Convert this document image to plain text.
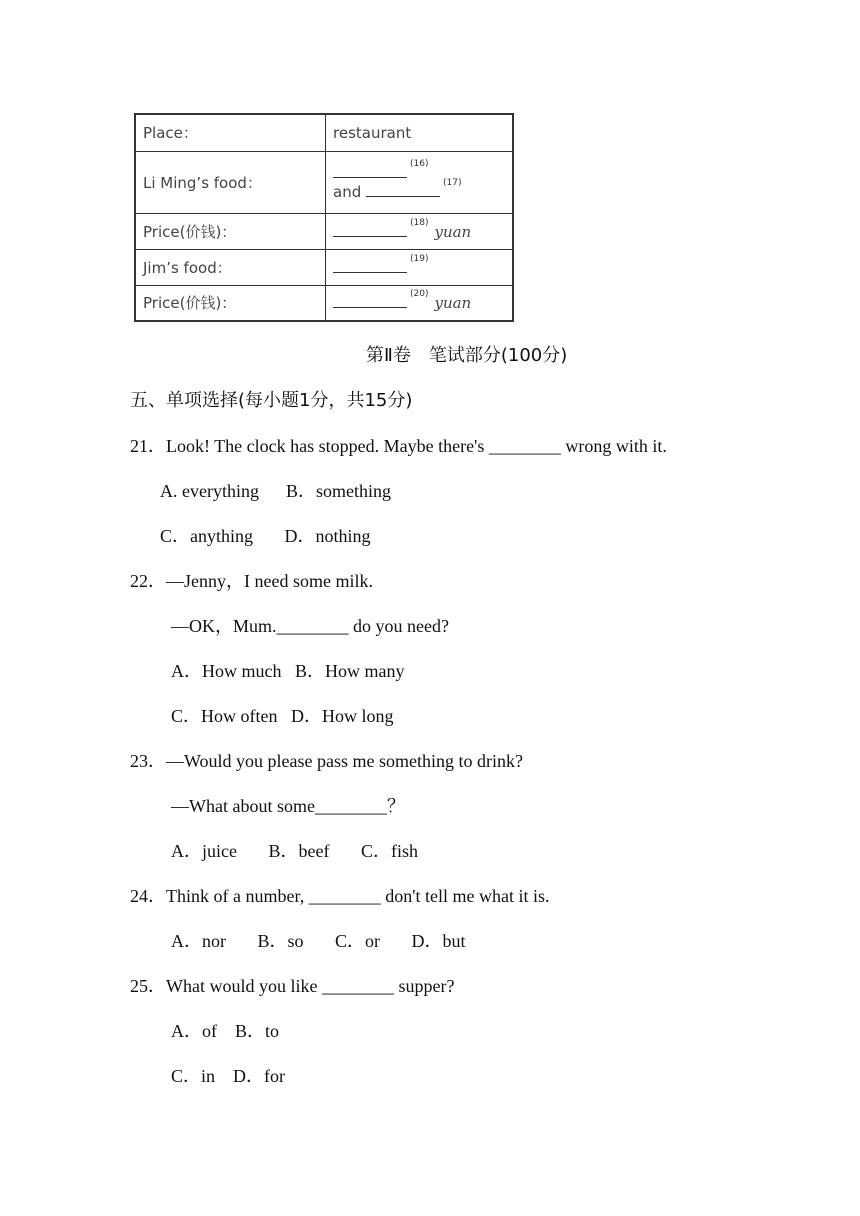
Place：	restaurant
Li Ming’s food：	$^{(16)}$
and $^{(17)}$

Price(价钱)：	$^{(18)}$ yuan
Jim’s food：	$^{(19)}$
Price(价钱)：	$^{(20)}$ yuan
第Ⅱ卷　笔试部分(100分)
五、单项选择(每小题1分，共15分)
21．Look! The clock has stopped. Maybe there's ________ wrong with it.
A. everything      B．something
C．anything       D．nothing
22．—Jenny，I need some milk.
—OK，Mum.________ do you need?
A．How much   B．How many
C．How often   D．How long
23．—Would you please pass me something to drink?
—What about some________？
A．juice       B．beef       C．fish
24．Think of a number, ________ don't tell me what it is.
A．nor       B．so       C．or       D．but
25．What would you like ________ supper?
A．of    B．to
C．in    D．for
